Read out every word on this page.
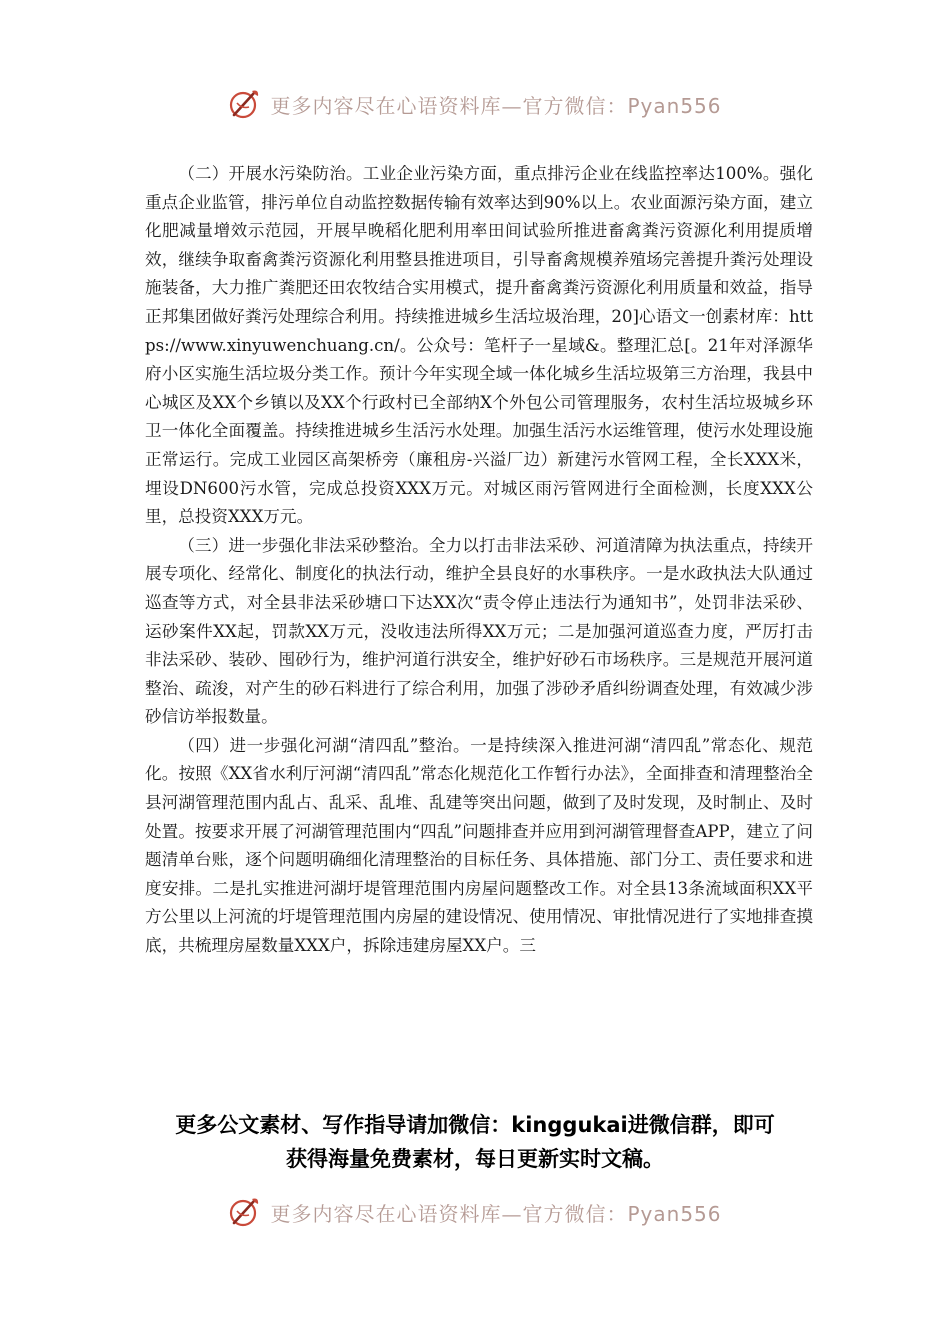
更多内容尽在心语资料库—官方微信：Pyan556

（二）开展水污染防治。工业企业污染方面，重点排污企业在线监控率达100%。强化重点企业监管，排污单位自动监控数据传输有效率达到90%以上。农业面源污染方面，建立化肥减量增效示范园，开展早晚稻化肥利用率田间试验所推进畜禽粪污资源化利用提质增效，继续争取畜禽粪污资源化利用整县推进项目，引导畜禽规模养殖场完善提升粪污处理设施装备，大力推广粪肥还田农牧结合实用模式，提升畜禽粪污资源化利用质量和效益，指导正邦集团做好粪污处理综合利用。持续推进城乡生活垃圾治理，20]心语文一创素材库：https://www.xinyuwenchuang.cn/。公众号：笔杆子一星域&。整理汇总[。21年对泽源华府小区实施生活垃圾分类工作。预计今年实现全域一体化城乡生活垃圾第三方治理，我县中心城区及XX个乡镇以及XX个行政村已全部纳X个外包公司管理服务，农村生活垃圾城乡环卫一体化全面覆盖。持续推进城乡生活污水处理。加强生活污水运维管理，使污水处理设施正常运行。完成工业园区高架桥旁（廉租房-兴溢厂边）新建污水管网工程，全长XXX米，埋设DN600污水管，完成总投资XXX万元。对城区雨污管网进行全面检测，长度XXX公里，总投资XXX万元。

（三）进一步强化非法采砂整治。全力以打击非法采砂、河道清障为执法重点，持续开展专项化、经常化、制度化的执法行动，维护全县良好的水事秩序。一是水政执法大队通过巡查等方式，对全县非法采砂塘口下达XX次“责令停止违法行为通知书”，处罚非法采砂、运砂案件XX起，罚款XX万元，没收违法所得XX万元；二是加强河道巡查力度，严厉打击非法采砂、装砂、囤砂行为，维护河道行洪安全，维护好砂石市场秩序。三是规范开展河道整治、疏浚，对产生的砂石料进行了综合利用，加强了涉砂矛盾纠纷调查处理，有效减少涉砂信访举报数量。

（四）进一步强化河湖“清四乱”整治。一是持续深入推进河湖“清四乱”常态化、规范化。按照《XX省水利厅河湖“清四乱”常态化规范化工作暂行办法》，全面排查和清理整治全县河湖管理范围内乱占、乱采、乱堆、乱建等突出问题，做到了及时发现，及时制止、及时处置。按要求开展了河湖管理范围内“四乱”问题排查并应用到河湖管理督查APP，建立了问题清单台账，逐个问题明确细化清理整治的目标任务、具体措施、部门分工、责任要求和进度安排。二是扎实推进河湖圩堤管理范围内房屋问题整改工作。对全县13条流域面积XX平方公里以上河流的圩堤管理范围内房屋的建设情况、使用情况、审批情况进行了实地排查摸底，共梳理房屋数量XXX户，拆除违建房屋XX户。三

更多公文素材、写作指导请加微信：kinggukai进微信群，即可
获得海量免费素材，每日更新实时文稿。
更多内容尽在心语资料库—官方微信：Pyan556
